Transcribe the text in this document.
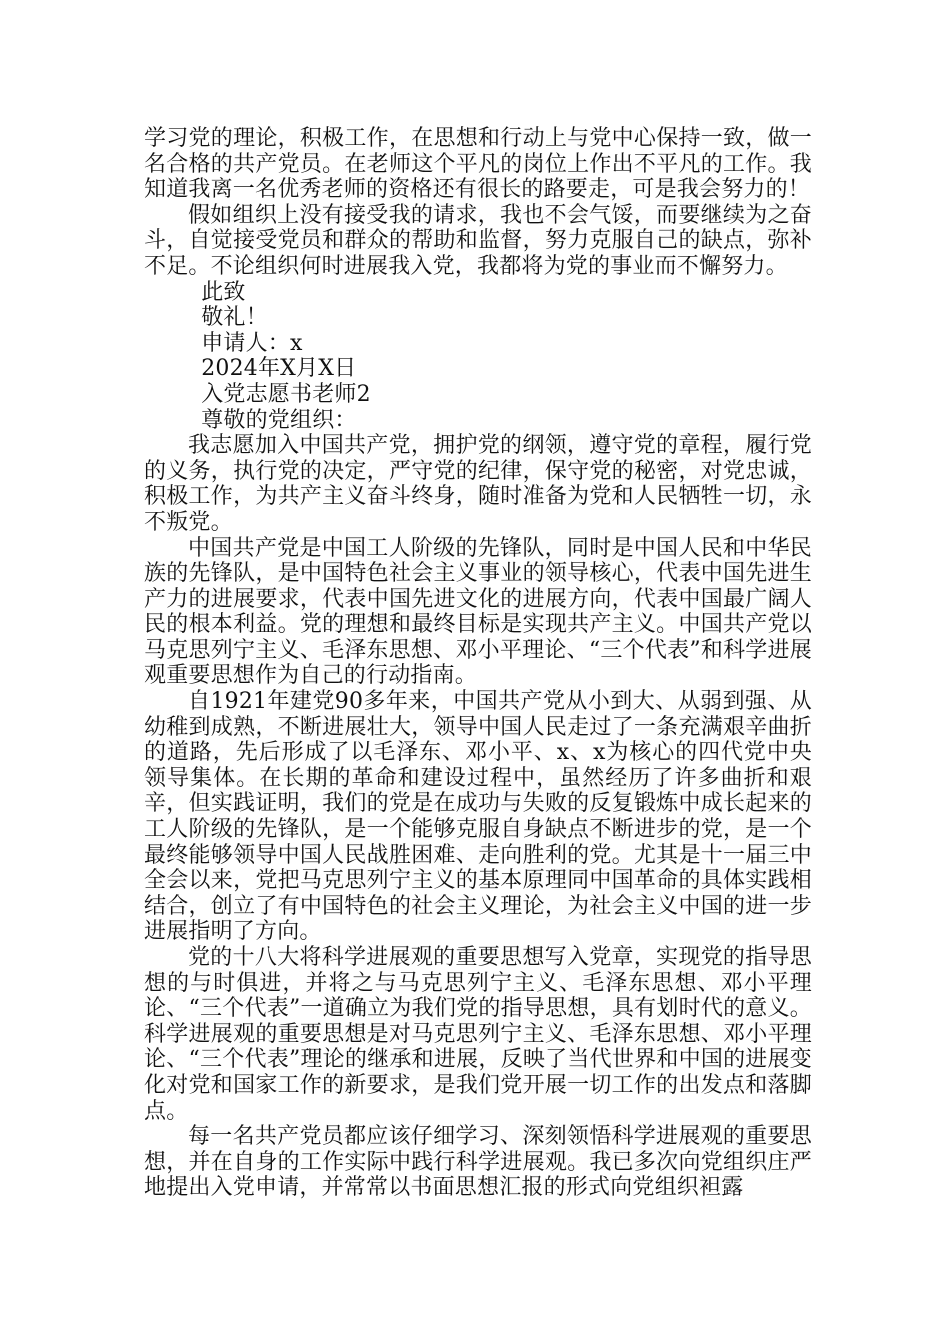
学习党的理论，积极工作，在思想和行动上与党中心保持一致，做一名合格的共产党员。在老师这个平凡的岗位上作出不平凡的工作。我知道我离一名优秀老师的资格还有很长的路要走，可是我会努力的！

假如组织上没有接受我的请求，我也不会气馁，而要继续为之奋斗，自觉接受党员和群众的帮助和监督，努力克服自己的缺点，弥补不足。不论组织何时进展我入党，我都将为党的事业而不懈努力。

此致

敬礼！

申请人：x

2024年X月X日

入党志愿书老师2

尊敬的党组织：

我志愿加入中国共产党，拥护党的纲领，遵守党的章程，履行党的义务，执行党的决定，严守党的纪律，保守党的秘密，对党忠诚，积极工作，为共产主义奋斗终身，随时准备为党和人民牺牲一切，永不叛党。

中国共产党是中国工人阶级的先锋队，同时是中国人民和中华民族的先锋队，是中国特色社会主义事业的领导核心，代表中国先进生产力的进展要求，代表中国先进文化的进展方向，代表中国最广阔人民的根本利益。党的理想和最终目标是实现共产主义。中国共产党以马克思列宁主义、毛泽东思想、邓小平理论、“三个代表”和科学进展观重要思想作为自己的行动指南。

自1921年建党90多年来，中国共产党从小到大、从弱到强、从幼稚到成熟，不断进展壮大，领导中国人民走过了一条充满艰辛曲折的道路，先后形成了以毛泽东、邓小平、x、x为核心的四代党中央领导集体。在长期的革命和建设过程中，虽然经历了许多曲折和艰辛，但实践证明，我们的党是在成功与失败的反复锻炼中成长起来的工人阶级的先锋队，是一个能够克服自身缺点不断进步的党，是一个最终能够领导中国人民战胜困难、走向胜利的党。尤其是十一届三中全会以来，党把马克思列宁主义的基本原理同中国革命的具体实践相结合，创立了有中国特色的社会主义理论，为社会主义中国的进一步进展指明了方向。

党的十八大将科学进展观的重要思想写入党章，实现党的指导思想的与时俱进，并将之与马克思列宁主义、毛泽东思想、邓小平理论、“三个代表”一道确立为我们党的指导思想，具有划时代的意义。科学进展观的重要思想是对马克思列宁主义、毛泽东思想、邓小平理论、“三个代表”理论的继承和进展，反映了当代世界和中国的进展变化对党和国家工作的新要求，是我们党开展一切工作的出发点和落脚点。

每一名共产党员都应该仔细学习、深刻领悟科学进展观的重要思想，并在自身的工作实际中践行科学进展观。我已多次向党组织庄严地提出入党申请，并常常以书面思想汇报的形式向党组织袒露
